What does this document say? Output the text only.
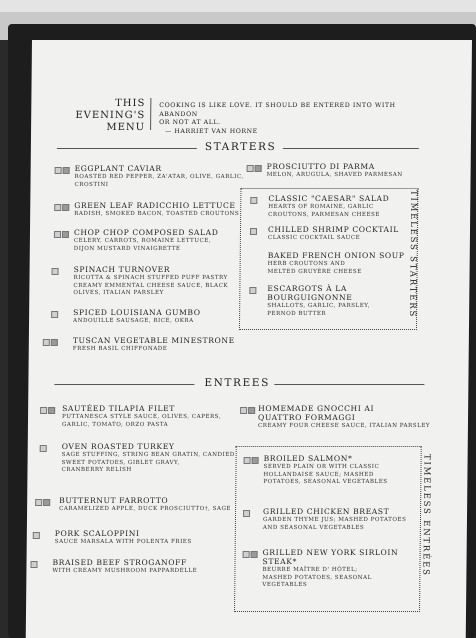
THIS
EVENING'S
MENU
COOKING IS LIKE LOVE. IT SHOULD BE ENTERED INTO WITH ABANDON
OR NOT AT ALL.
— HARRIET VAN HORNE
STARTERS
EGGPLANT CAVIAR
ROASTED RED PEPPER, ZA'ATAR, OLIVE, GARLIC,
CROSTINI
GREEN LEAF RADICCHIO LETTUCE
RADISH, SMOKED BACON, TOASTED CROUTONS
CHOP CHOP COMPOSED SALAD
CELERY, CARROTS, ROMAINE LETTUCE,
DIJON MUSTARD VINAIGRETTE
SPINACH TURNOVER
RICOTTA & SPINACH STUFFED PUFF PASTRY
CREAMY EMMENTAL CHEESE SAUCE, BLACK
OLIVES, ITALIAN PARSLEY
SPICED LOUISIANA GUMBO
ANDOUILLE SAUSAGE, RICE, OKRA
TUSCAN VEGETABLE MINESTRONE
FRESH BASIL CHIFFONADE
PROSCIUTTO DI PARMA
MELON, ARUGULA, SHAVED PARMESAN
TIMELESS STARTERS
CLASSIC "CAESAR" SALAD
HEARTS OF ROMAINE, GARLIC
CROUTONS, PARMESAN CHEESE
CHILLED SHRIMP COCKTAIL
CLASSIC COCKTAIL SAUCE
BAKED FRENCH ONION SOUP
HERB CROUTONS AND
MELTED GRUYÈRE CHEESE
ESCARGOTS À LA BOURGUIGNONNE
SHALLOTS, GARLIC, PARSLEY,
PERNOD BUTTER
ENTREES
SAUTÉED TILAPIA FILET
PUTTANESCA STYLE SAUCE, OLIVES, CAPERS,
GARLIC, TOMATO, ORZO PASTA
OVEN ROASTED TURKEY
SAGE STUFFING, STRING BEAN GRATIN, CANDIED
SWEET POTATOES, GIBLET GRAVY,
CRANBERRY RELISH
BUTTERNUT FARROTTO
CARAMELIZED APPLE, DUCK PROSCIUTTO†, SAGE
PORK SCALOPPINI
SAUCE MARSALA WITH POLENTA FRIES
BRAISED BEEF STROGANOFF
WITH CREAMY MUSHROOM PAPPARDELLE
HOMEMADE GNOCCHI AI
QUATTRO FORMAGGI
CREAMY FOUR CHEESE SAUCE, ITALIAN PARSLEY
TIMELESS ENTRÉES
BROILED SALMON*
SERVED PLAIN OR WITH CLASSIC
HOLLANDAISE SAUCE; MASHED
POTATOES, SEASONAL VEGETABLES
GRILLED CHICKEN BREAST
GARDEN THYME JUS; MASHED POTATOES
AND SEASONAL VEGETABLES
GRILLED NEW YORK SIRLOIN
STEAK*
BEURRE MAÎTRE D' HÔTEL;
MASHED POTATOES, SEASONAL
VEGETABLES
